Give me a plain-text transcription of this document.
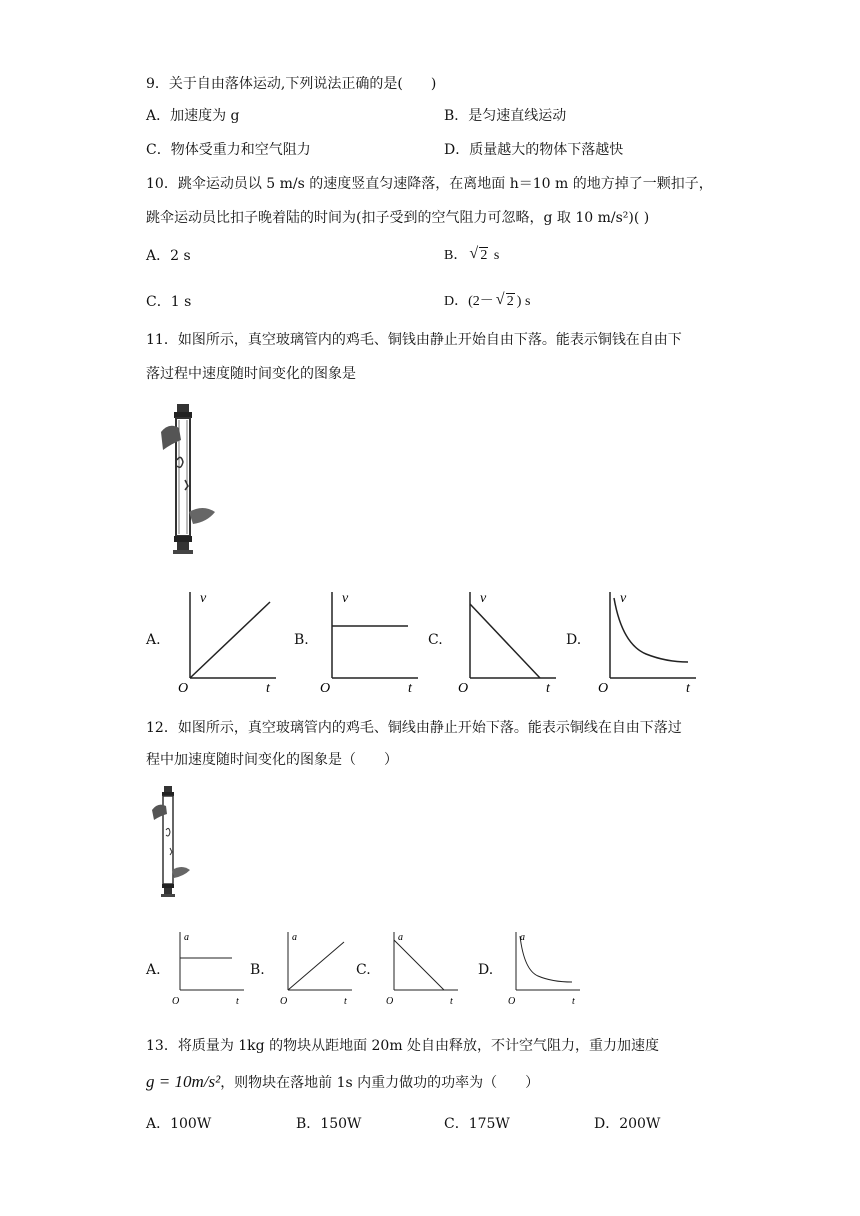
9．关于自由落体运动,下列说法正确的是(　　)
A．加速度为 g	B．是匀速直线运动
C．物体受重力和空气阻力	D．质量越大的物体下落越快
10．跳伞运动员以 5 m/s 的速度竖直匀速降落，在离地面 h＝10 m 的地方掉了一颗扣子，
跳伞运动员比扣子晚着陆的时间为(扣子受到的空气阻力可忽略，g 取 10 m/s²)( )
A．2 s	B． √ 2 s
C．1 s	D．(2－ √ 2 ) s
11．如图所示，真空玻璃管内的鸡毛、铜钱由静止开始自由下落。能表示铜钱在自由下
落过程中速度随时间变化的图象是
A.	B.	C.	D.
v
t
O
v
t
O
v
t
O
v
t
O
12．如图所示，真空玻璃管内的鸡毛、铜线由静止开始下落。能表示铜线在自由下落过
程中加速度随时间变化的图象是（　　）
A.	B.	C.	D.
a
t
O
a
t
O
a
t
O
a
t
O
13．将质量为 1kg 的物块从距地面 20m 处自由释放，不计空气阻力，重力加速度
g = 10m/s²，则物块在落地前 1s 内重力做功的功率为（　　）
A．100W	B．150W	C．175W	D．200W
